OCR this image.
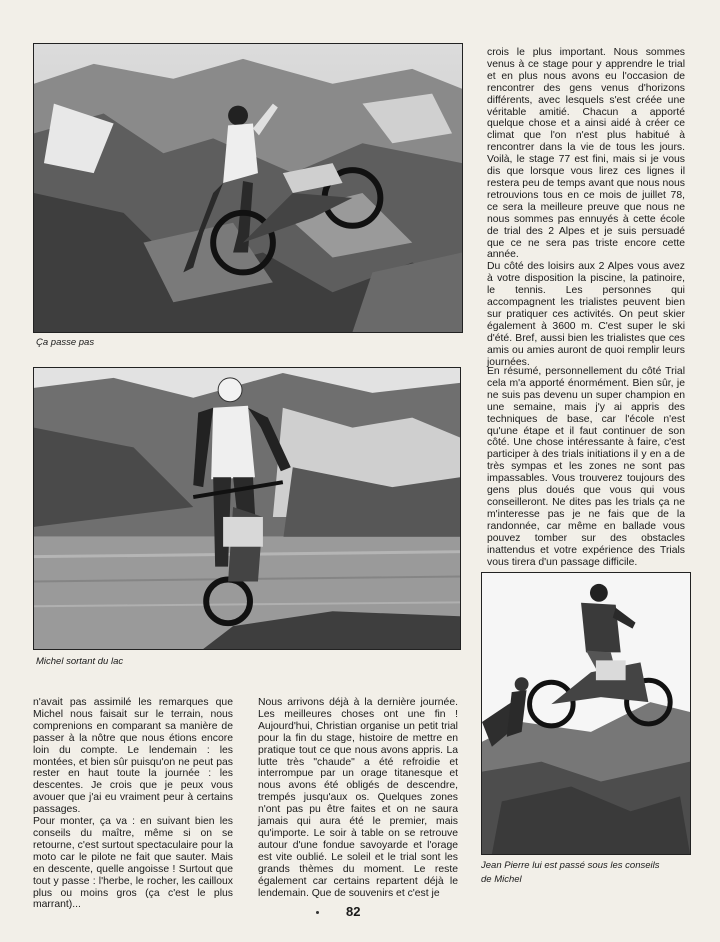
Ça passe pas
Michel sortant du lac
Jean Pierre lui est passé sous les conseils
de Michel

crois le plus important. Nous sommes venus à ce stage pour y apprendre le trial et en plus nous avons eu l'occasion de rencontrer des gens venus d'horizons différents, avec lesquels s'est créée une véritable amitié. Chacun a apporté quelque chose et a ainsi aidé à créer ce climat que l'on n'est plus habitué à rencontrer dans la vie de tous les jours. Voilà, le stage 77 est fini, mais si je vous dis que lorsque vous lirez ces lignes il restera peu de temps avant que nous nous retrouvions tous en ce mois de juillet 78, ce sera la meilleure preuve que nous ne nous sommes pas ennuyés à cette école de trial des 2 Alpes et je suis persuadé que ce ne sera pas triste encore cette année.

Du côté des loisirs aux 2 Alpes vous avez à votre disposition la piscine, la patinoire, le tennis. Les personnes qui accompagnent les trialistes peuvent bien sur pratiquer ces activités. On peut skier également à 3600 m. C'est super le ski d'été. Bref, aussi bien les trialistes que ces amis ou amies auront de quoi remplir leurs journées.

En résumé, personnellement du côté Trial cela m'a apporté énormément. Bien sûr, je ne suis pas devenu un super champion en une semaine, mais j'y ai appris des techniques de base, car l'école n'est qu'une étape et il faut continuer de son côté. Une chose intéressante à faire, c'est participer à des trials initiations il y en a de très sympas et les zones ne sont pas impassables. Vous trouverez toujours des gens plus doués que vous qui vous conseilleront. Ne dites pas les trials ça ne m'interesse pas je ne fais que de la randonnée, car même en ballade vous pouvez tomber sur des obstacles inattendus et votre expérience des Trials vous tirera d'un passage difficile.

n'avait pas assimilé les remarques que Michel nous faisait sur le terrain, nous comprenions en comparant sa manière de passer à la nôtre que nous étions encore loin du compte. Le lendemain : les montées, et bien sûr puisqu'on ne peut pas rester en haut toute la journée : les descentes. Je crois que je peux vous avouer que j'ai eu vraiment peur à certains passages.

Pour monter, ça va : en suivant bien les conseils du maître, même si on se retourne, c'est surtout spectaculaire pour la moto car le pilote ne fait que sauter. Mais en descente, quelle angoisse ! Surtout que tout y passe : l'herbe, le rocher, les cailloux plus ou moins gros (ça c'est le plus marrant)...

Nous arrivons déjà à la dernière journée. Les meilleures choses ont une fin ! Aujourd'hui, Christian organise un petit trial pour la fin du stage, histoire de mettre en pratique tout ce que nous avons appris. La lutte très "chaude" a été refroidie et interrompue par un orage titanesque et nous avons été obligés de descendre, trempés jusqu'aux os. Quelques zones n'ont pas pu être faites et on ne saura jamais qui aura été le premier, mais qu'importe. Le soir à table on se retrouve autour d'une fondue savoyarde et l'orage est vite oublié. Le soleil et le trial sont les grands thèmes du moment. Le reste également car certains repartent déjà le lendemain. Que de souvenirs et c'est je

82
